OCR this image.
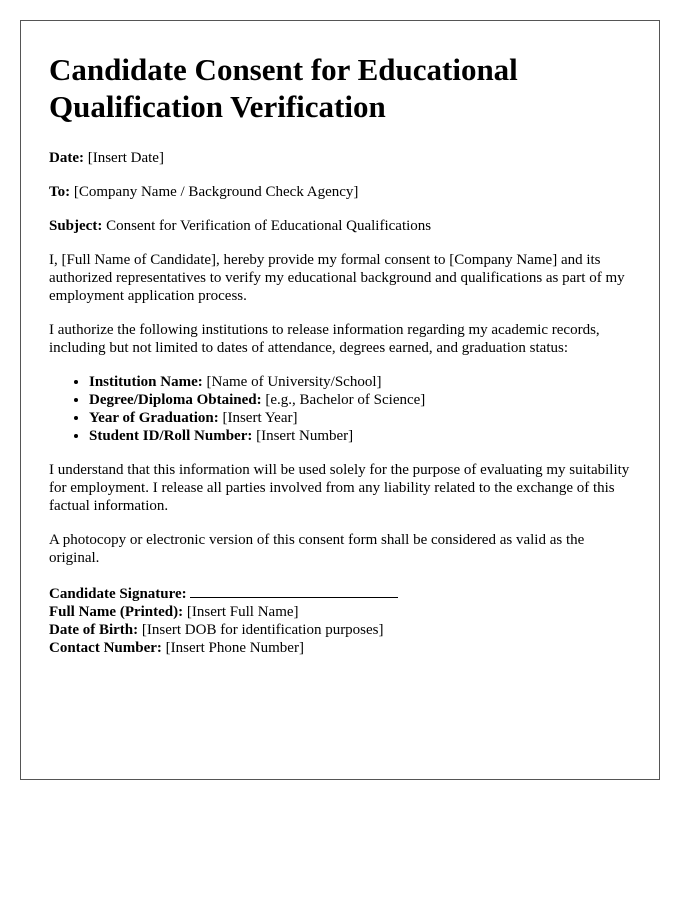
Candidate Consent for Educational Qualification Verification
Date: [Insert Date]
To: [Company Name / Background Check Agency]
Subject: Consent for Verification of Educational Qualifications

I, [Full Name of Candidate], hereby provide my formal consent to [Company Name] and its authorized representatives to verify my educational background and qualifications as part of my employment application process.

I authorize the following institutions to release information regarding my academic records, including but not limited to dates of attendance, degrees earned, and graduation status:

• Institution Name: [Name of University/School]
• Degree/Diploma Obtained: [e.g., Bachelor of Science]
• Year of Graduation: [Insert Year]
• Student ID/Roll Number: [Insert Number]

I understand that this information will be used solely for the purpose of evaluating my suitability for employment. I release all parties involved from any liability related to the exchange of this factual information.

A photocopy or electronic version of this consent form shall be considered as valid as the original.

Candidate Signature:
Full Name (Printed): [Insert Full Name]
Date of Birth: [Insert DOB for identification purposes]
Contact Number: [Insert Phone Number]
